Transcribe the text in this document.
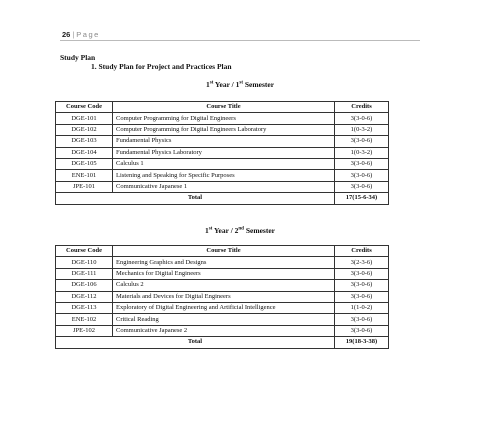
26 | Page
Study Plan
1. Study Plan for Project and Practices Plan
1st Year / 1st Semester
Course Code	Course Title	Credits
DGE-101	Computer Programming for Digital Engineers	3(3-0-6)
DGE-102	Computer Programming for Digital Engineers Laboratory	1(0-3-2)
DGE-103	Fundamental Physics	3(3-0-6)
DGE-104	Fundamental Physics Laboratory	1(0-3-2)
DGE-105	Calculus 1	3(3-0-6)
ENE-101	Listening and Speaking for Specific Purposes	3(3-0-6)
JPE-101	Communicative Japanese 1	3(3-0-6)
Total		17(15-6-34)
1st Year / 2nd Semester
Course Code	Course Title	Credits
DGE-110	Engineering Graphics and Designs	3(2-3-6)
DGE-111	Mechanics for Digital Engineers	3(3-0-6)
DGE-106	Calculus 2	3(3-0-6)
DGE-112	Materials and Devices for Digital Engineers	3(3-0-6)
DGE-113	Exploratory of Digital Engineering and Artificial Intelligence	1(1-0-2)
ENE-102	Critical Reading	3(3-0-6)
JPE-102	Communicative Japanese 2	3(3-0-6)
Total		19(18-3-38)
